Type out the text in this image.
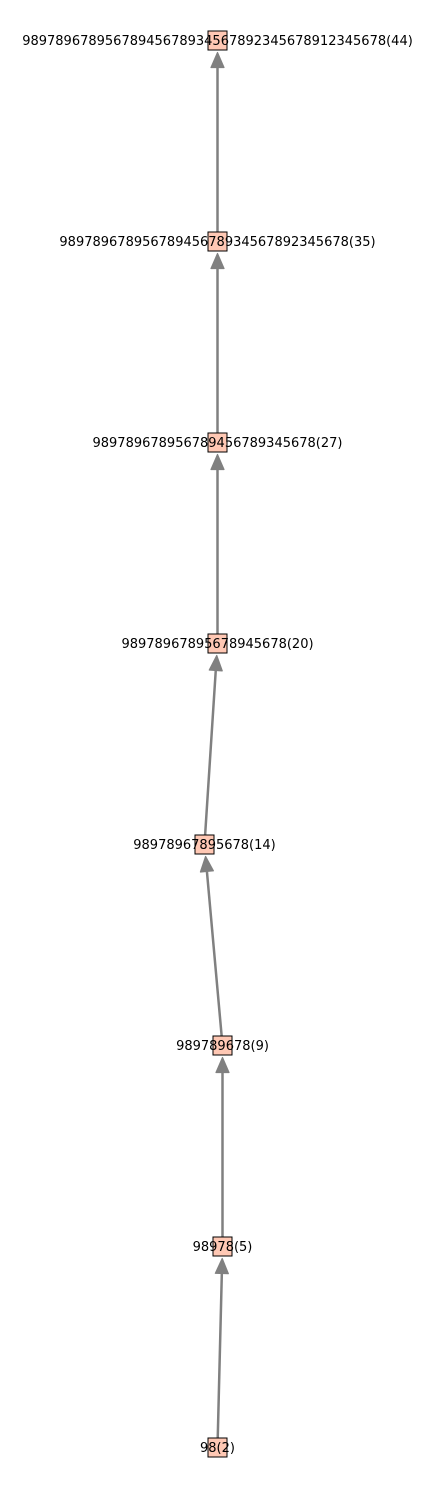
98(2)
98978(5)
989789678(9)
98978967895678(14)
98978967895678945678(20)
989789678956789456789345678(27)
98978967895678945678934567892345678(35)
98978967895678945678934567892345678912345678(44)
